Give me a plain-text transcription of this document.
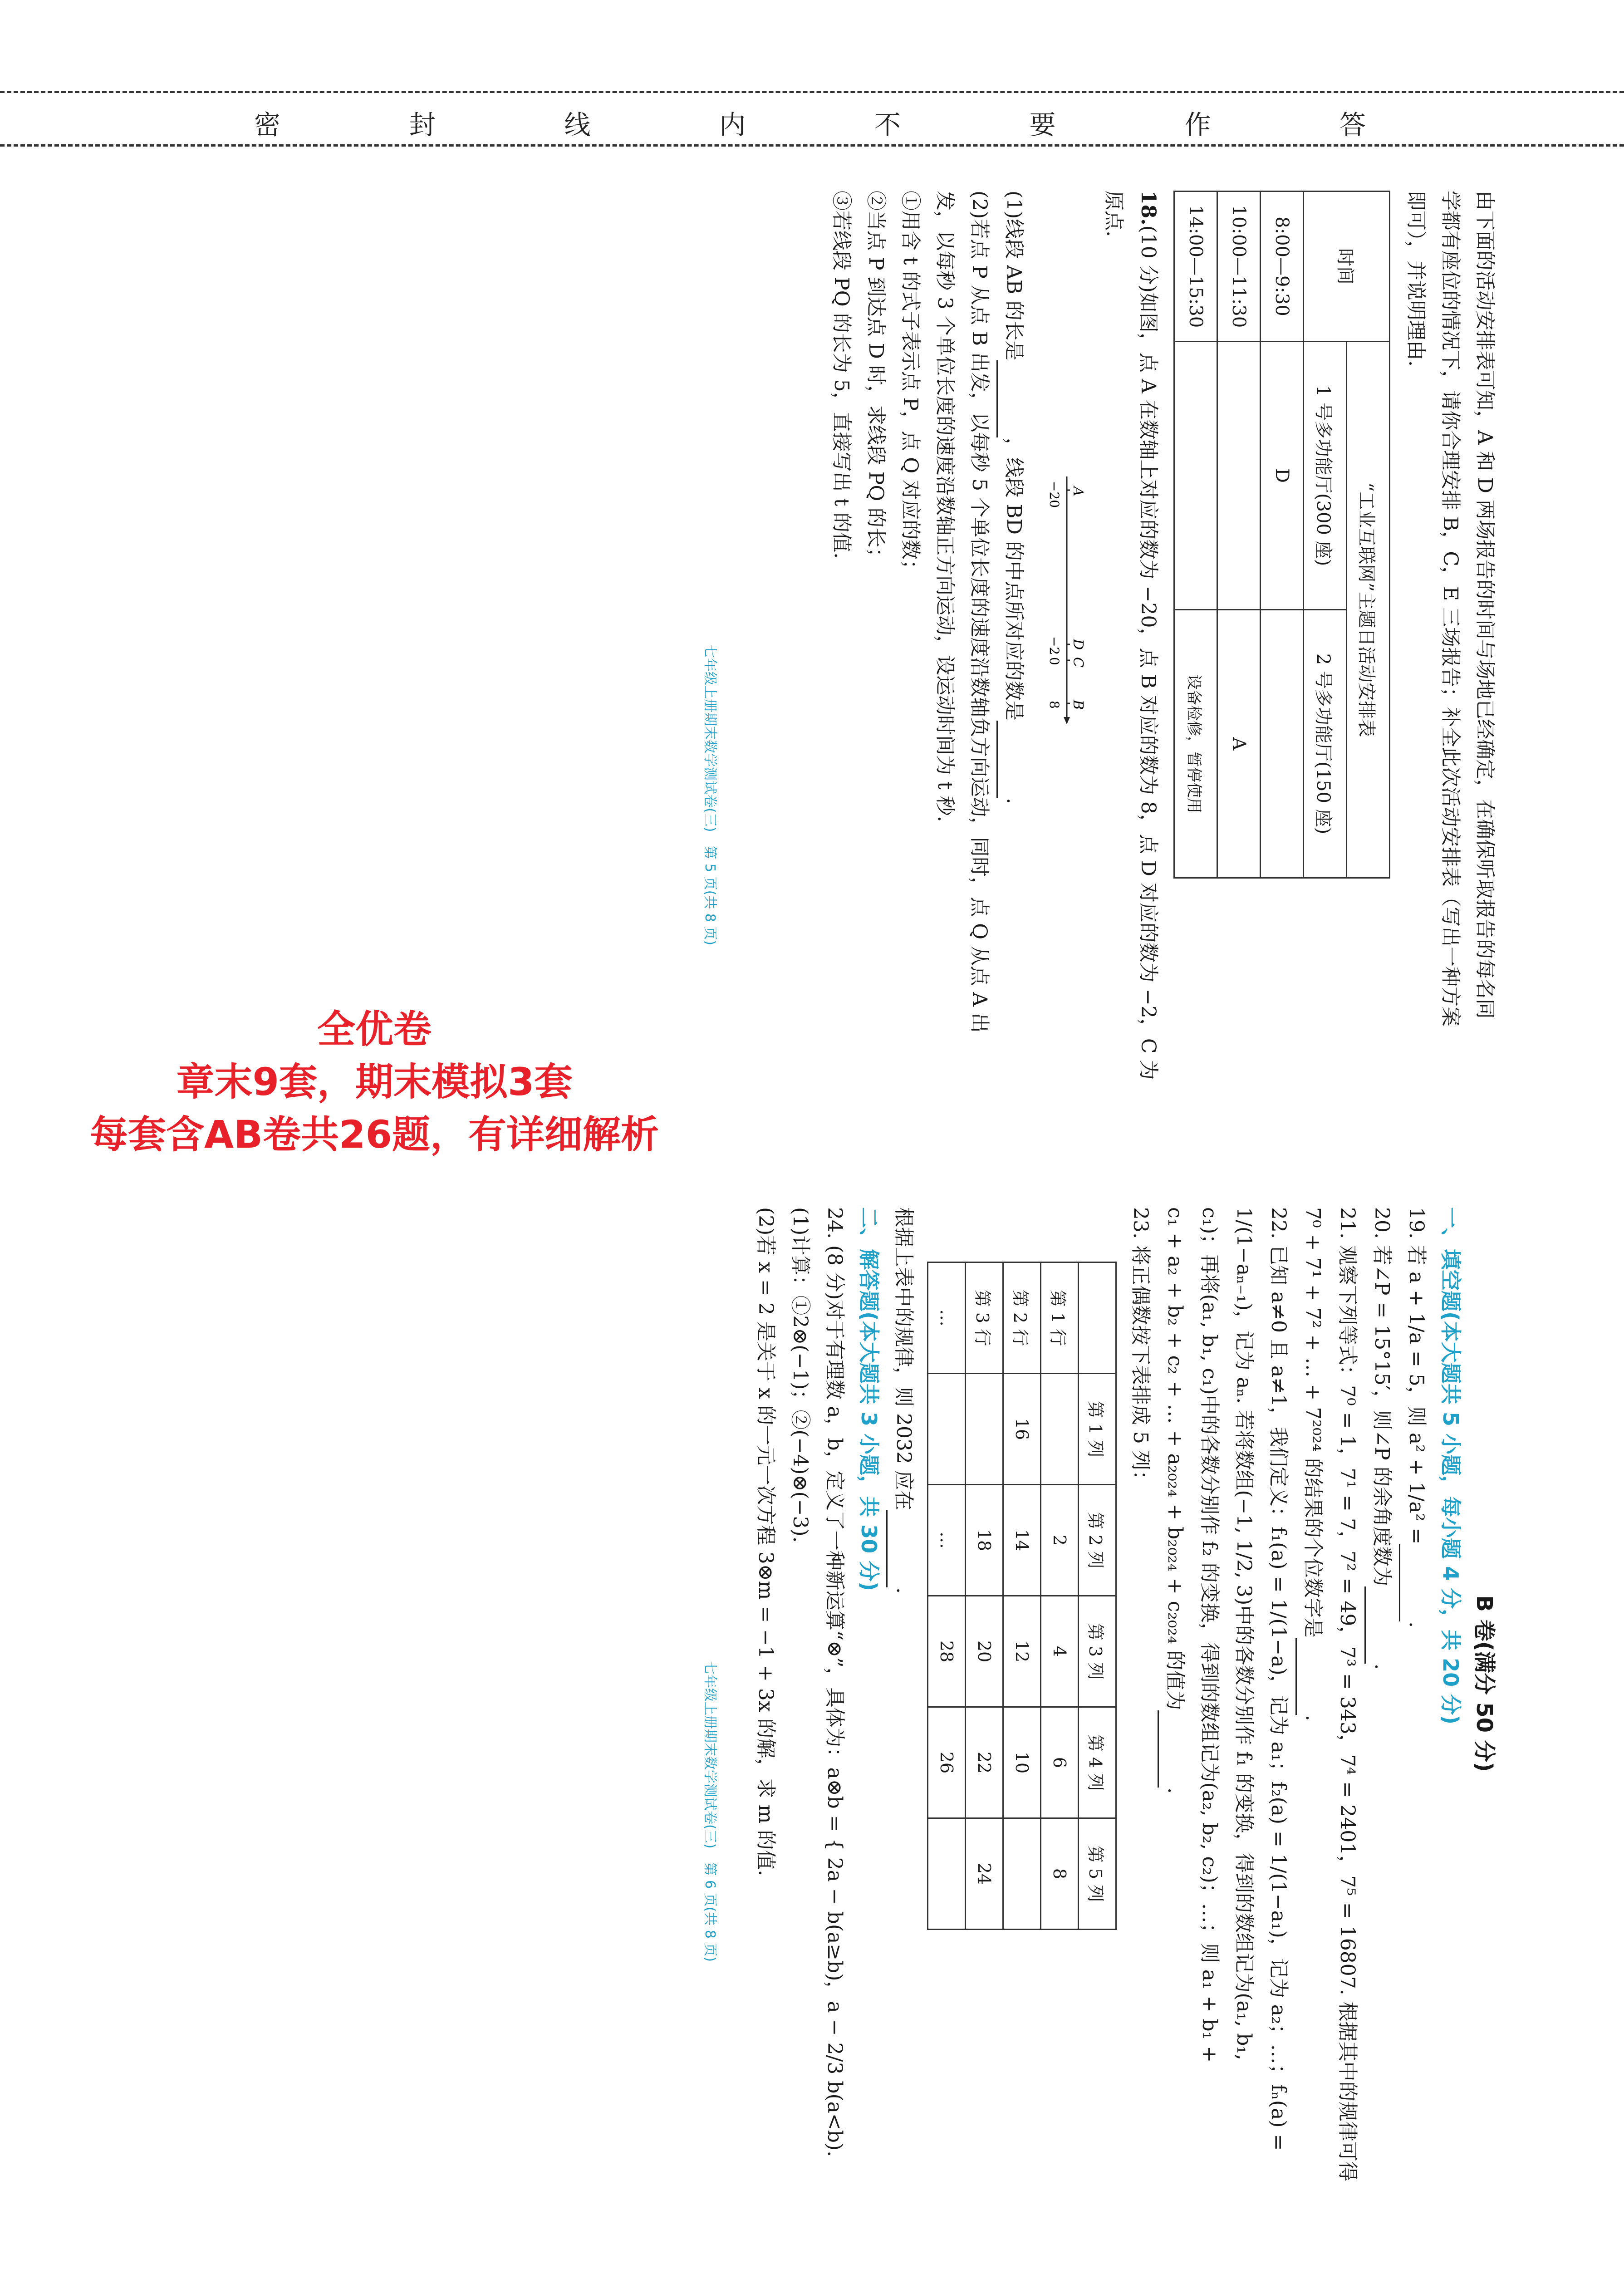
密	封	线	内	不	要	作	答

由下面的活动安排表可知，A 和 D 两场报告的时间与场地已经确定，在确保听取报告的每名同

学都有座位的情况下，请你合理安排 B，C，E 三场报告；补全此次活动安排表（写出一种方案

即可），并说明理由.

时间	“工业互联网”主题日活动安排表	
	1 号多功能厅(300 座)	2 号多功能厅(150 座)
8:00—9:30	D	
10:00—11:30		A
14:00—15:30		设备检修，暂停使用

18.(10 分)如图，点 A 在数轴上对应的数为 −20，点 B 对应的数为 8，点 D 对应的数为 −2，C 为

原点.

A
D
C
B
−20
−2
0
8

(1)线段 AB 的长是，线段 BD 的中点所对应的数是.

(2)若点 P 从点 B 出发，以每秒 5 个单位长度的速度沿数轴负方向运动，同时，点 Q 从点 A 出

发，以每秒 3 个单位长度的速度沿数轴正方向运动，设运动时间为 t 秒.

①用含 t 的式子表示点 P，点 Q 对应的数；

②当点 P 到达点 D 时，求线段 PQ 的长；

③若线段 PQ 的长为 5，直接写出 t 的值.

七年级上册期末数学测试卷(三)　第 5 页(共 8 页)

B 卷(满分 50 分)

一、填空题(本大题共 5 小题，每小题 4 分，共 20 分)

19. 若 a + 1/a = 5，则 a² + 1/a² =.

20. 若∠P = 15°15′，则∠P 的余角度数为.

21. 观察下列等式：7⁰ = 1，7¹ = 7，7² = 49，7³ = 343，7⁴ = 2401，7⁵ = 16807. 根据其中的规律可得

7⁰ + 7¹ + 7² + … + 7²⁰²⁴ 的结果的个位数字是.

22. 已知 a≠0 且 a≠1，我们定义：f₁(a) = 1/(1−a)，记为 a₁；f₂(a) = 1/(1−a₁)，记为 a₂；…；fₙ(a) =

1/(1−aₙ₋₁)，记为 aₙ. 若将数组(−1, 1/2, 3)中的各数分别作 f₁ 的变换，得到的数组记为(a₁, b₁,

c₁)；再将(a₁, b₁, c₁)中的各数分别作 f₂ 的变换，得到的数组记为(a₂, b₂, c₂)；…；则 a₁ + b₁ +

c₁ + a₂ + b₂ + c₂ + … + a₂₀₂₄ + b₂₀₂₄ + c₂₀₂₄ 的值为.

23. 将正偶数按下表排成 5 列：

	第 1 列	第 2 列	第 3 列	第 4 列	第 5 列
第 1 行		2	4	6	8
第 2 行	16	14	12	10	
第 3 行		18	20	22	24
…		…	28	26	

根据上表中的规律，则 2032 应在.

二、解答题(本大题共 3 小题，共 30 分)

24. (8 分)对于有理数 a，b，定义了一种新运算“⊗”，具体为：a⊗b = { 2a − b(a≥b)，a − 2/3 b(a<b).

(1)计算：①2⊗(−1)；②(−4)⊗(−3).

(2)若 x = 2 是关于 x 的一元一次方程 3⊗m = −1 + 3x 的解，求 m 的值.

七年级上册期末数学测试卷(三)　第 6 页(共 8 页)
全优卷
章末9套，期末模拟3套
每套含AB卷共26题，有详细解析
